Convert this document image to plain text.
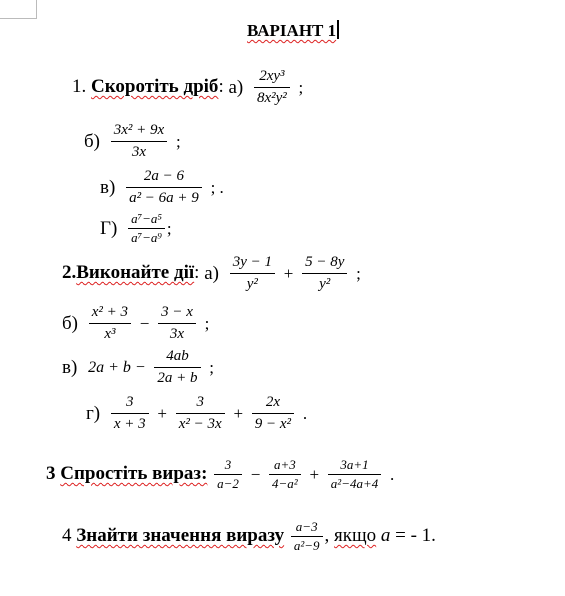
ВАРІАНТ 1
1. Скоротіть дріб: $а) \frac{\text{2xy³}}{\text{8x²y²}}$ ;
$б) \frac{\text{3x² + 9x}}{3x}$ ;
$в) \frac{2a - 6}{\text{a² − 6a + 9}}$ ; .
$Г) \frac{\text{a⁷−a⁵}}{\text{a⁷−a⁹}}$ ;
2.Виконайте дії: $а) \frac{3y - 1}{\text{y²}} + \frac{5 - 8y}{\text{y²}}$ ;
$б) \frac{\text{x² + 3}}{\text{x³}} - \frac{3 - x}{3x}$ ;
в) $2a + b - \frac{4ab}{2a + b}$ ;
$г) \frac{3}{x + 3} + \frac{3}{\text{x² − 3x}} + \frac{2x}{\text{9 − x²}}$ .
3 Спростіть вираз: $\frac{3}{a-2} - \frac{a+3}{\text{4−a²}} + \frac{3a+1}{\text{a²−4a+4}}$ .
4 Знайти значення виразу $\frac{a-3}{\text{a²−9}}$ , якщо a = - 1.
